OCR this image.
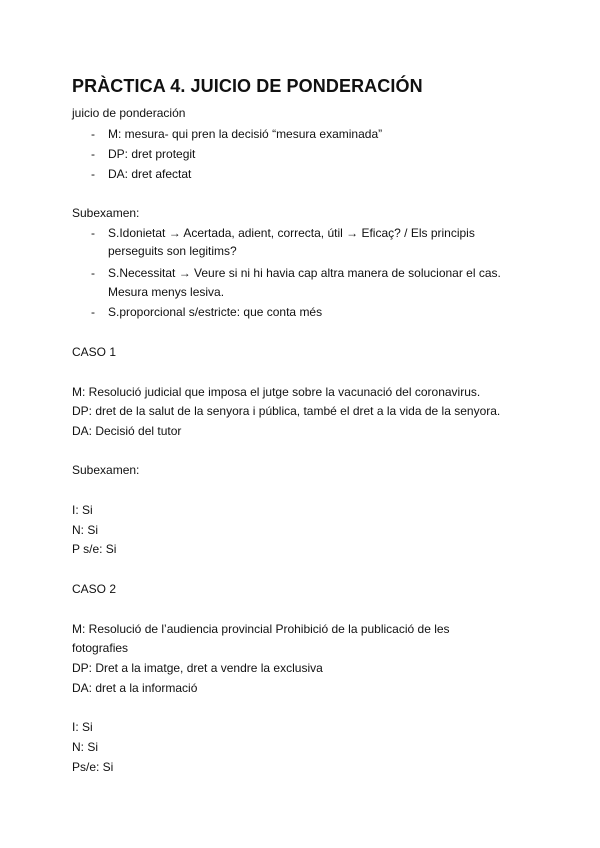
PRÀCTICA 4. JUICIO DE PONDERACIÓN
juicio de ponderación
- M: mesura- qui pren la decisió “mesura examinada”
- DP: dret protegit
- DA: dret afectat
Subexamen:
- S.Idonietat → Acertada, adient, correcta, útil → Eficaç? / Els principis
perseguits son legitims?
- S.Necessitat → Veure si ni hi havia cap altra manera de solucionar el cas.
Mesura menys lesiva.
- S.proporcional s/estricte: que conta més
CASO 1
M: Resolució judicial que imposa el jutge sobre la vacunació del coronavirus.
DP: dret de la salut de la senyora i pública, també el dret a la vida de la senyora.
DA: Decisió del tutor
Subexamen:
I: Si
N: Si
P s/e: Si
CASO 2
M: Resolució de l’audiencia provincial Prohibició de la publicació de les
fotografies
DP: Dret a la imatge, dret a vendre la exclusiva
DA: dret a la informació
I: Si
N: Si
Ps/e: Si
